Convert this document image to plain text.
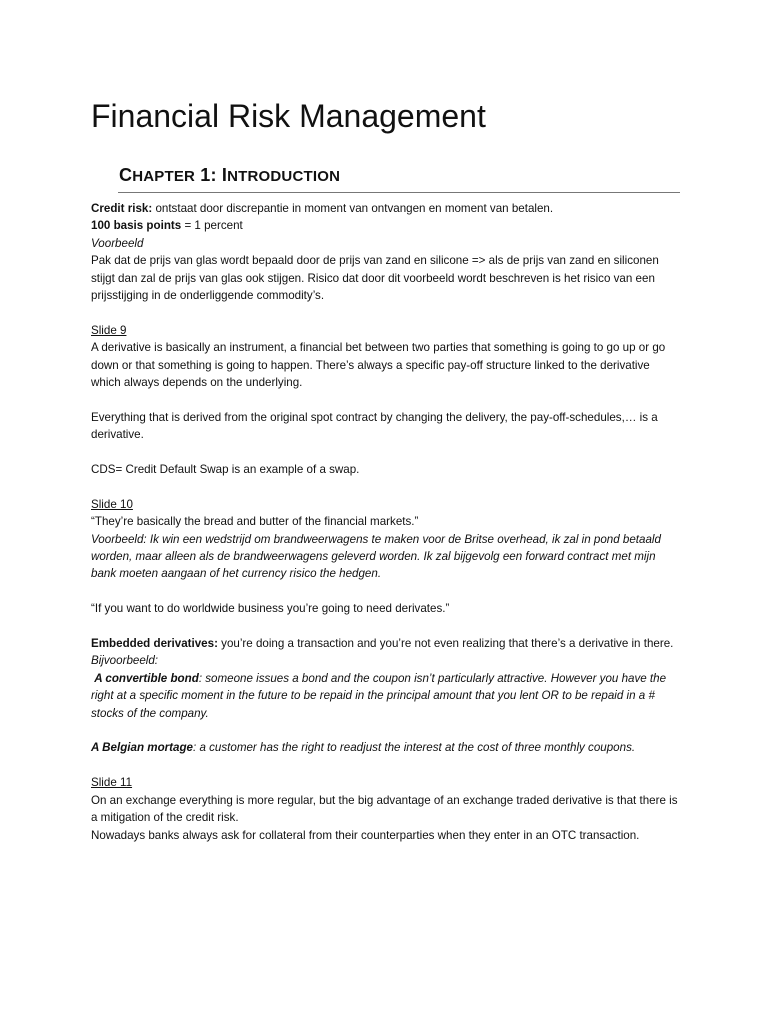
Financial Risk Management
CHAPTER 1: INTRODUCTION

Credit risk: ontstaat door discrepantie in moment van ontvangen en moment van betalen.

100 basis points = 1 percent

Voorbeeld

Pak dat de prijs van glas wordt bepaald door de prijs van zand en silicone => als de prijs van zand en siliconen stijgt dan zal de prijs van glas ook stijgen. Risico dat door dit voorbeeld wordt beschreven is het risico van een prijsstijging in de onderliggende commodity’s.

Slide 9

A derivative is basically an instrument, a financial bet between two parties that something is going to go up or go down or that something is going to happen. There’s always a specific pay-off structure linked to the derivative which always depends on the underlying.

Everything that is derived from the original spot contract by changing the delivery, the pay-off-schedules,… is a derivative.

CDS= Credit Default Swap is an example of a swap.

Slide 10

“They’re basically the bread and butter of the financial markets.”

Voorbeeld: Ik win een wedstrijd om brandweerwagens te maken voor de Britse overhead, ik zal in pond betaald worden, maar alleen als de brandweerwagens geleverd worden. Ik zal bijgevolg een forward contract met mijn bank moeten aangaan of het currency risico the hedgen.

“If you want to do worldwide business you’re going to need derivates.”

Embedded derivatives: you’re doing a transaction and you’re not even realizing that there’s a derivative in there.

Bijvoorbeeld:

A convertible bond: someone issues a bond and the coupon isn’t particularly attractive. However you have the right at a specific moment in the future to be repaid in the principal amount that you lent OR to be repaid in a # stocks of the company.

A Belgian mortage: a customer has the right to readjust the interest at the cost of three monthly coupons.

Slide 11

On an exchange everything is more regular, but the big advantage of an exchange traded derivative is that there is a mitigation of the credit risk.

Nowadays banks always ask for collateral from their counterparties when they enter in an OTC transaction.
